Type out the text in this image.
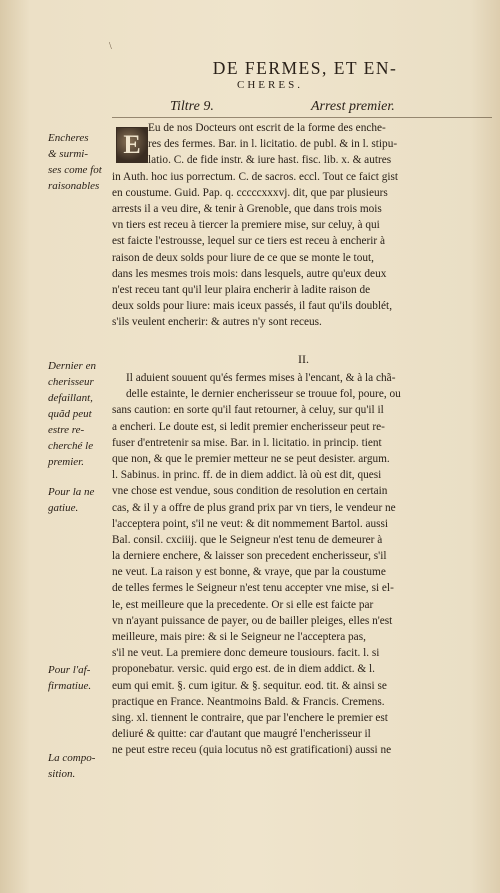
\
DE FERMES, ET EN-
CHERES.
Tiltre 9.	Arrest premier.
E
Eu de nos Docteurs ont escrit de la forme des enche-
res des fermes. Bar. in l. licitatio. de publ. & in l. stipu-
latio. C. de fide instr. & iure hast. fisc. lib. x. & autres
in Auth. hoc ius porrectum. C. de sacros. eccl. Tout ce faict gist
en coustume. Guid. Pap. q. cccccxxxvj. dit, que par plusieurs
arrests il a veu dire, & tenir à Grenoble, que dans trois mois
vn tiers est receu à tiercer la premiere mise, sur celuy, à qui
est faicte l'estrousse, lequel sur ce tiers est receu à encherir à
raison de deux solds pour liure de ce que se monte le tout,
dans les mesmes trois mois: dans lesquels, autre qu'eux deux
n'est receu tant qu'il leur plaira encherir à ladite raison de
deux solds pour liure: mais iceux passés, il faut qu'ils doublét,
s'ils veulent encherir: & autres n'y sont receus.
II.
Il aduient souuent qu'és fermes mises à l'encant, & à la chã-
delle estainte, le dernier encherisseur se trouue fol, poure, ou
sans caution: en sorte qu'il faut retourner, à celuy, sur qu'il il
a encheri. Le doute est, si ledit premier encherisseur peut re-
fuser d'entretenir sa mise. Bar. in l. licitatio. in princip. tient
que non, & que le premier metteur ne se peut desister. argum.
l. Sabinus. in princ. ff. de in diem addict. là où est dit, quesi
vne chose est vendue, sous condition de resolution en certain
cas, & il y a offre de plus grand prix par vn tiers, le vendeur ne
l'acceptera point, s'il ne veut: & dit nommement Bartol. aussi
Bal. consil. cxciiij. que le Seigneur n'est tenu de demeurer à
la derniere enchere, & laisser son precedent encherisseur, s'il
ne veut. La raison y est bonne, & vraye, que par la coustume
de telles fermes le Seigneur n'est tenu accepter vne mise, si el-
le, est meilleure que la precedente. Or si elle est faicte par
vn n'ayant puissance de payer, ou de bailler pleiges, elles n'est
meilleure, mais pire: & si le Seigneur ne l'acceptera pas,
s'il ne veut. La premiere donc demeure tousiours. facit. l. si
proponebatur. versic. quid ergo est. de in diem addict. & l.
eum qui emit. §. cum igitur. & §. sequitur. eod. tit. & ainsi se
practique en France. Neantmoins Bald. & Francis. Cremens.
sing. xl. tiennent le contraire, que par l'enchere le premier est
deliuré & quitte: car d'autant que maugré l'encherisseur il
ne peut estre receu (quia locutus nõ est gratificationi) aussi ne
Encheres
& surmi-
ses come fot
raisonables
Dernier en
cherisseur
defaillant,
quãd peut
estre re-
cherché le
premier.
Pour la ne
gatiue.
Pour l'af-
firmatiue.
La compo-
sition.
